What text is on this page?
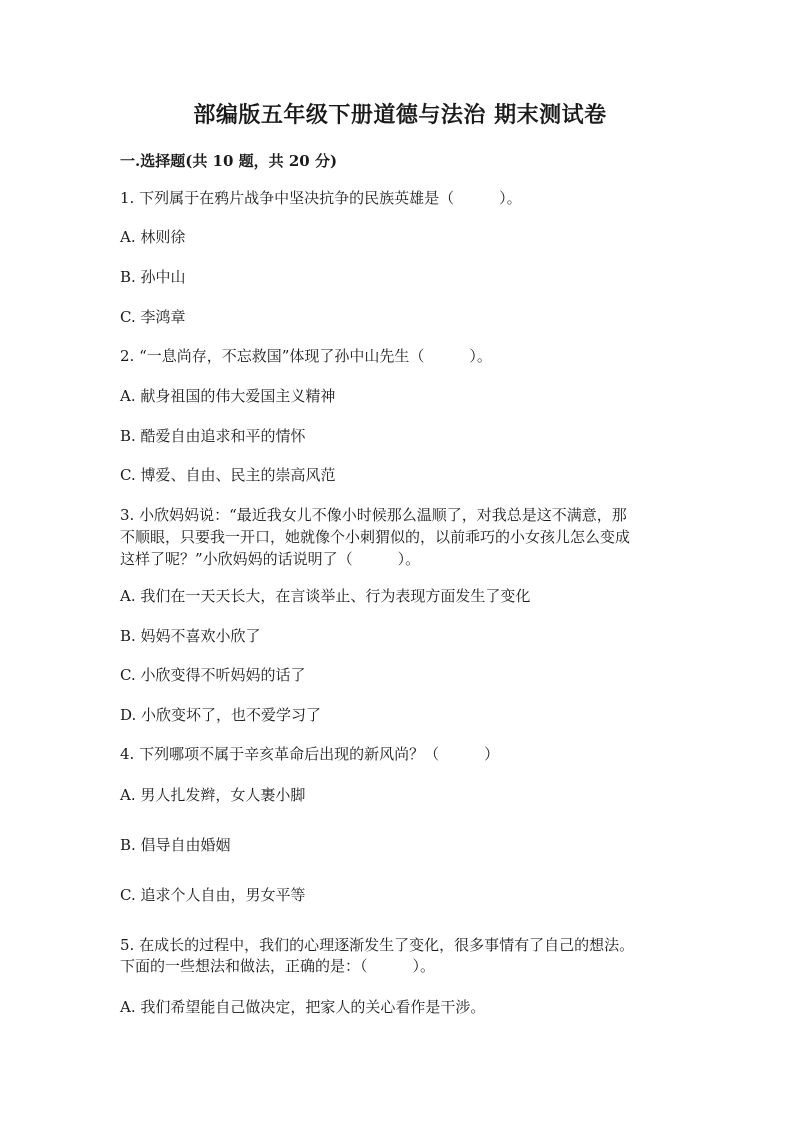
部编版五年级下册道德与法治 期末测试卷
一.选择题(共 10 题，共 20 分)
1. 下列属于在鸦片战争中坚决抗争的民族英雄是（　　　）。
A. 林则徐
B. 孙中山
C. 李鸿章
2. “一息尚存，不忘救国”体现了孙中山先生（　　　）。
A. 献身祖国的伟大爱国主义精神
B. 酷爱自由追求和平的情怀
C. 博爱、自由、民主的崇高风范
3. 小欣妈妈说：“最近我女儿不像小时候那么温顺了，对我总是这不满意，那
不顺眼，只要我一开口，她就像个小刺猬似的，以前乖巧的小女孩儿怎么变成
这样了呢？”小欣妈妈的话说明了（　　　）。
A. 我们在一天天长大，在言谈举止、行为表现方面发生了变化
B. 妈妈不喜欢小欣了
C. 小欣变得不听妈妈的话了
D. 小欣变坏了，也不爱学习了
4. 下列哪项不属于辛亥革命后出现的新风尚？（　　　）
A. 男人扎发辫，女人裹小脚
B. 倡导自由婚姻
C. 追求个人自由，男女平等
5. 在成长的过程中，我们的心理逐渐发生了变化，很多事情有了自己的想法。
下面的一些想法和做法，正确的是：（　　　）。
A. 我们希望能自己做决定，把家人的关心看作是干涉。
